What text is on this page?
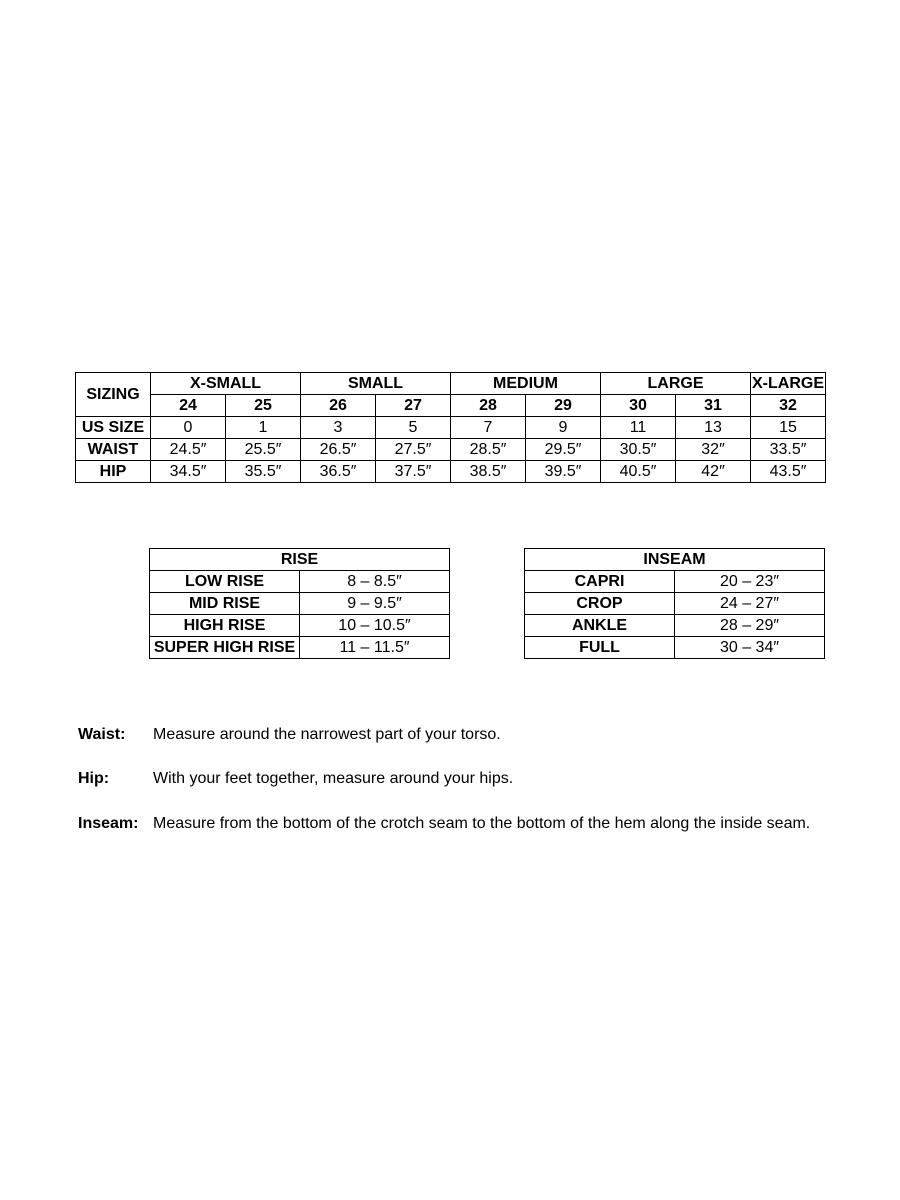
SIZING	X-SMALL		SMALL		MEDIUM		LARGE		X-LARGE
	24	25	26	27	28	29	30	31	32
US SIZE	0	1	3	5	7	9	11	13	15
WAIST	24.5″	25.5″	26.5″	27.5″	28.5″	29.5″	30.5″	32″	33.5″
HIP	34.5″	35.5″	36.5″	37.5″	38.5″	39.5″	40.5″	42″	43.5″
RISE	
LOW RISE	8 – 8.5″
MID RISE	9 – 9.5″
HIGH RISE	10 – 10.5″
SUPER HIGH RISE	11 – 11.5″
INSEAM	
CAPRI	20 – 23″
CROP	24 – 27″
ANKLE	28 – 29″
FULL	30 – 34″
Waist: Measure around the narrowest part of your torso.
Hip:	With your feet together, measure around your hips.
Inseam: Measure from the bottom of the crotch seam to the bottom of the hem along the inside seam.
